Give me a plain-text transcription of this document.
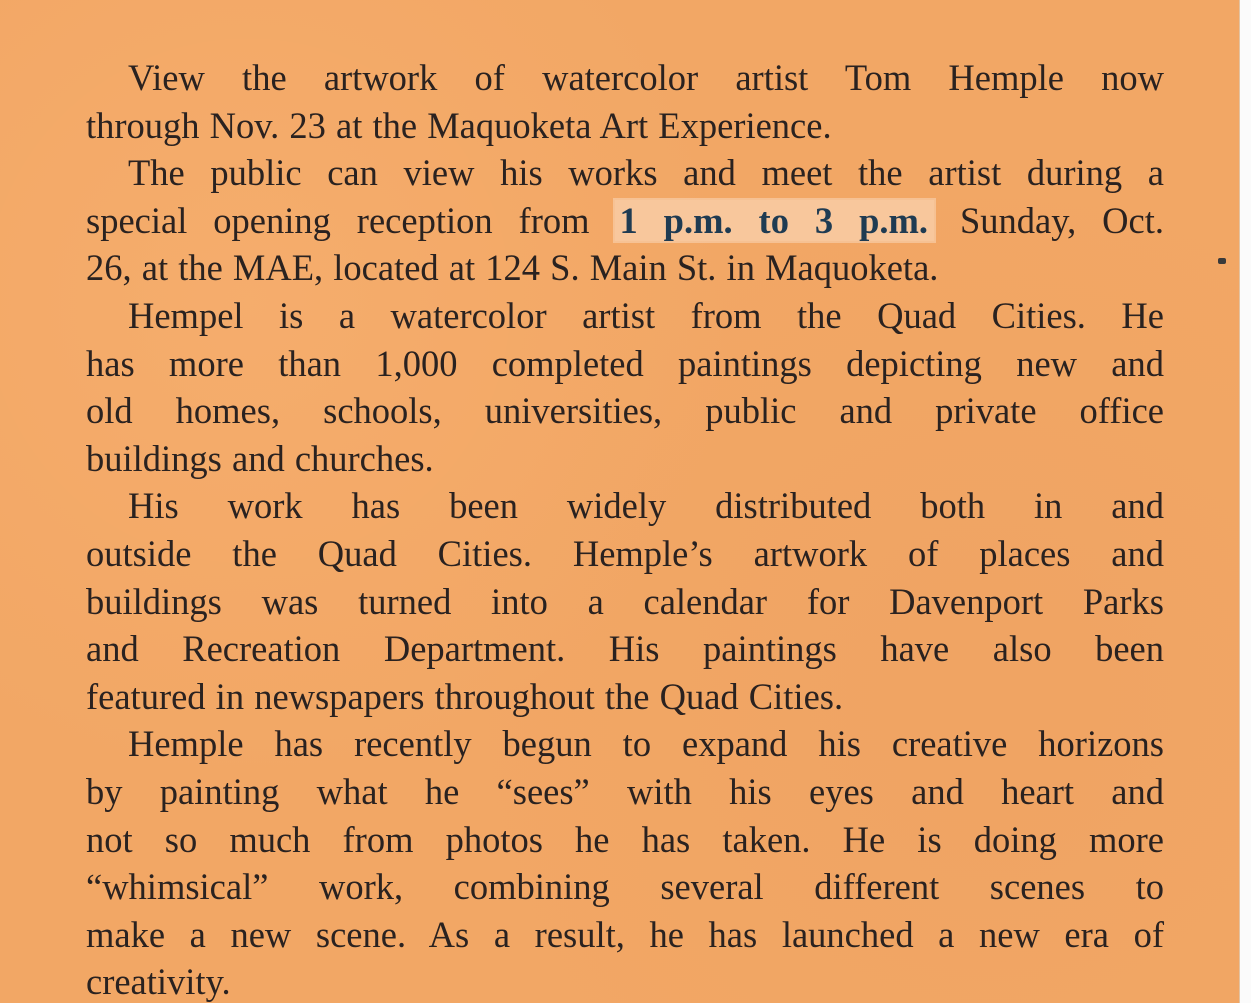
View the artwork of watercolor artist Tom Hemple now
through Nov. 23 at the Maquoketa Art Experience.

The public can view his works and meet the artist during a
special opening reception from 1 p.m. to 3 p.m. Sunday, Oct.
26, at the MAE, located at 124 S. Main St. in Maquoketa.

Hempel is a watercolor artist from the Quad Cities. He
has more than 1,000 completed paintings depicting new and
old homes, schools, universities, public and private office
buildings and churches.

His work has been widely distributed both in and
outside the Quad Cities. Hemple’s artwork of places and
buildings was turned into a calendar for Davenport Parks
and Recreation Department. His paintings have also been
featured in newspapers throughout the Quad Cities.

Hemple has recently begun to expand his creative horizons
by painting what he “sees” with his eyes and heart and
not so much from photos he has taken. He is doing more
“whimsical” work, combining several different scenes to
make a new scene. As a result, he has launched a new era of
creativity.
